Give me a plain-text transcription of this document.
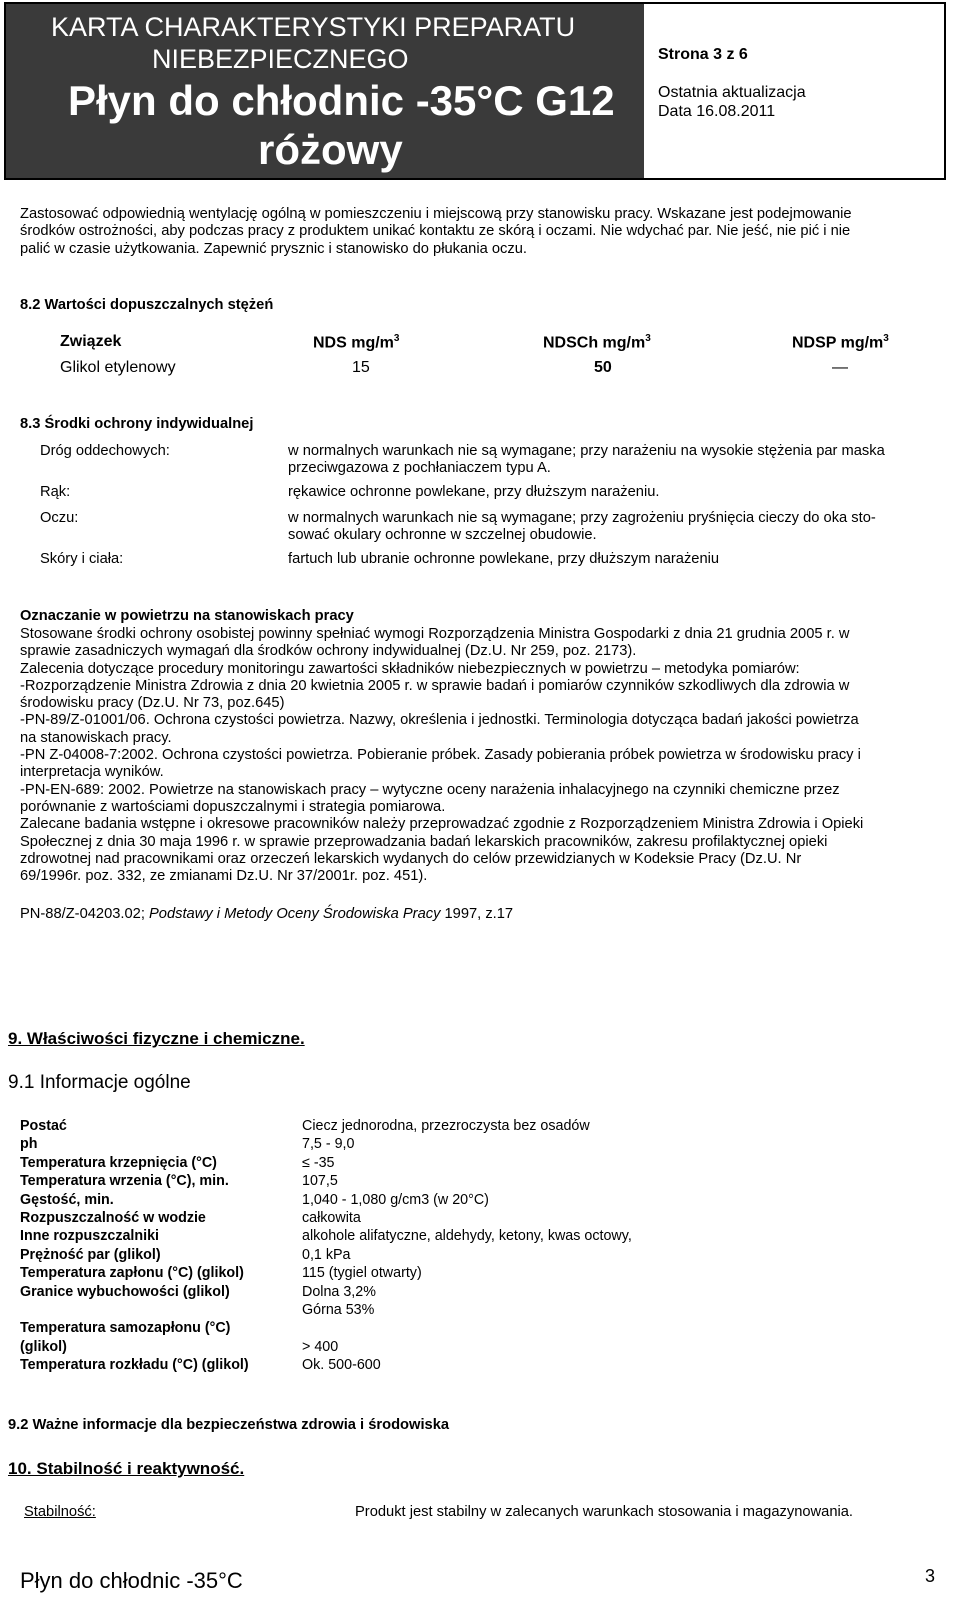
KARTA CHARAKTERYSTYKI PREPARATU
NIEBEZPIECZNEGO
Płyn do chłodnic -35°C G12
różowy
Strona 3 z 6
Ostatnia aktualizacja
Data 16.08.2011
Zastosować odpowiednią wentylację ogólną w pomieszczeniu i miejscową przy stanowisku pracy. Wskazane jest podejmowanie
środków ostrożności, aby podczas pracy z produktem unikać kontaktu ze skórą i oczami. Nie wdychać par. Nie jeść, nie pić i nie
palić w czasie użytkowania. Zapewnić prysznic i stanowisko do płukania oczu.
8.2 Wartości dopuszczalnych stężeń
Związek	NDS $mg/m^3$	NDSCh $mg/m^3$	NDSP $mg/m^3$
Glikol etylenowy	15	50	—
8.3 Środki ochrony indywidualnej
Dróg oddechowych:	w normalnych warunkach nie są wymagane; przy narażeniu na wysokie stężenia par maska
przeciwgazowa z pochłaniaczem typu A.
Rąk:	rękawice ochronne powlekane, przy dłuższym narażeniu.
Oczu:	w normalnych warunkach nie są wymagane; przy zagrożeniu pryśnięcia cieczy do oka sto-
sować okulary ochronne w szczelnej obudowie.
Skóry i ciała:	fartuch lub ubranie ochronne powlekane, przy dłuższym narażeniu
Oznaczanie w powietrzu na stanowiskach pracy
Stosowane środki ochrony osobistej powinny spełniać wymogi Rozporządzenia Ministra Gospodarki z dnia 21 grudnia 2005 r. w
sprawie zasadniczych wymagań dla środków ochrony indywidualnej (Dz.U. Nr 259, poz. 2173).
Zalecenia dotyczące procedury monitoringu zawartości składników niebezpiecznych w powietrzu – metodyka pomiarów:
-Rozporządzenie Ministra Zdrowia z dnia 20 kwietnia 2005 r. w sprawie badań i pomiarów czynników szkodliwych dla zdrowia w
środowisku pracy (Dz.U. Nr 73, poz.645)
-PN-89/Z-01001/06. Ochrona czystości powietrza. Nazwy, określenia i jednostki. Terminologia dotycząca badań jakości powietrza
na stanowiskach pracy.
-PN Z-04008-7:2002. Ochrona czystości powietrza. Pobieranie próbek. Zasady pobierania próbek powietrza w środowisku pracy i
interpretacja wyników.
-PN-EN-689: 2002. Powietrze na stanowiskach pracy – wytyczne oceny narażenia inhalacyjnego na czynniki chemiczne przez
porównanie z wartościami dopuszczalnymi i strategia pomiarowa.
Zalecane badania wstępne i okresowe pracowników należy przeprowadzać zgodnie z Rozporządzeniem Ministra Zdrowia i Opieki
Społecznej z dnia 30 maja 1996 r. w sprawie przeprowadzania badań lekarskich pracowników, zakresu profilaktycznej opieki
zdrowotnej nad pracownikami oraz orzeczeń lekarskich wydanych do celów przewidzianych w Kodeksie Pracy (Dz.U. Nr
69/1996r. poz. 332, ze zmianami Dz.U. Nr 37/2001r. poz. 451).
PN-88/Z-04203.02; Podstawy i Metody Oceny Środowiska Pracy 1997, z.17
9. Właściwości fizyczne i chemiczne.
9.1 Informacje ogólne
Postać	Ciecz jednorodna, przezroczysta bez osadów
ph	7,5 - 9,0
Temperatura krzepnięcia (°C)	≤ -35
Temperatura wrzenia (°C), min.	107,5
Gęstość, min.	1,040 - 1,080 g/cm3 (w 20°C)
Rozpuszczalność w wodzie	całkowita
Inne rozpuszczalniki	alkohole alifatyczne, aldehydy, ketony, kwas octowy,
Prężność par (glikol)	0,1 kPa
Temperatura zapłonu (°C) (glikol)	115 (tygiel otwarty)
Granice wybuchowości (glikol)	Dolna 3,2%
	Górna 53%
Temperatura samozapłonu (°C)	
(glikol)	> 400
Temperatura rozkładu (°C) (glikol)	Ok. 500-600
9.2 Ważne informacje dla bezpieczeństwa zdrowia i środowiska
10. Stabilność i reaktywność.
Stabilność:	Produkt jest stabilny w zalecanych warunkach stosowania i magazynowania.
Płyn do chłodnic -35°C	3
